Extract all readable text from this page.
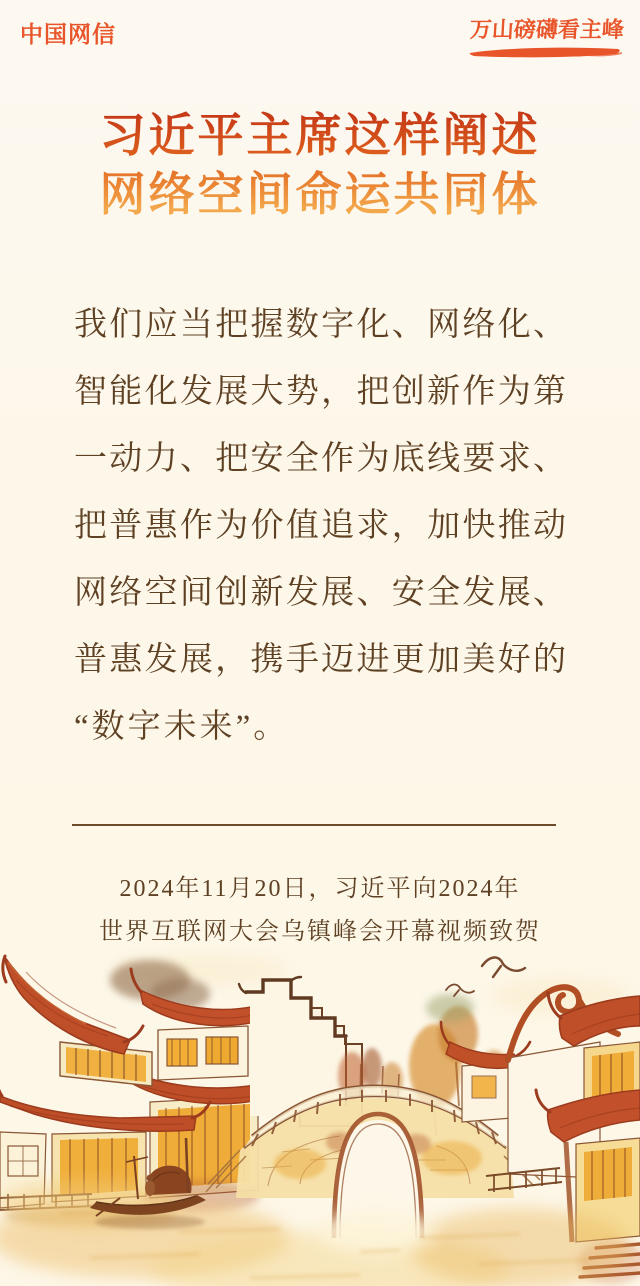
中国网信	万山磅礴看主峰
习近平主席这样阐述
网络空间命运共同体
我们应当把握数字化、网络化、
智能化发展大势，把创新作为第
一动力、把安全作为底线要求、
把普惠作为价值追求，加快推动
网络空间创新发展、安全发展、
普惠发展，携手迈进更加美好的
“数字未来”。
2024年11月20日，习近平向2024年
世界互联网大会乌镇峰会开幕视频致贺
